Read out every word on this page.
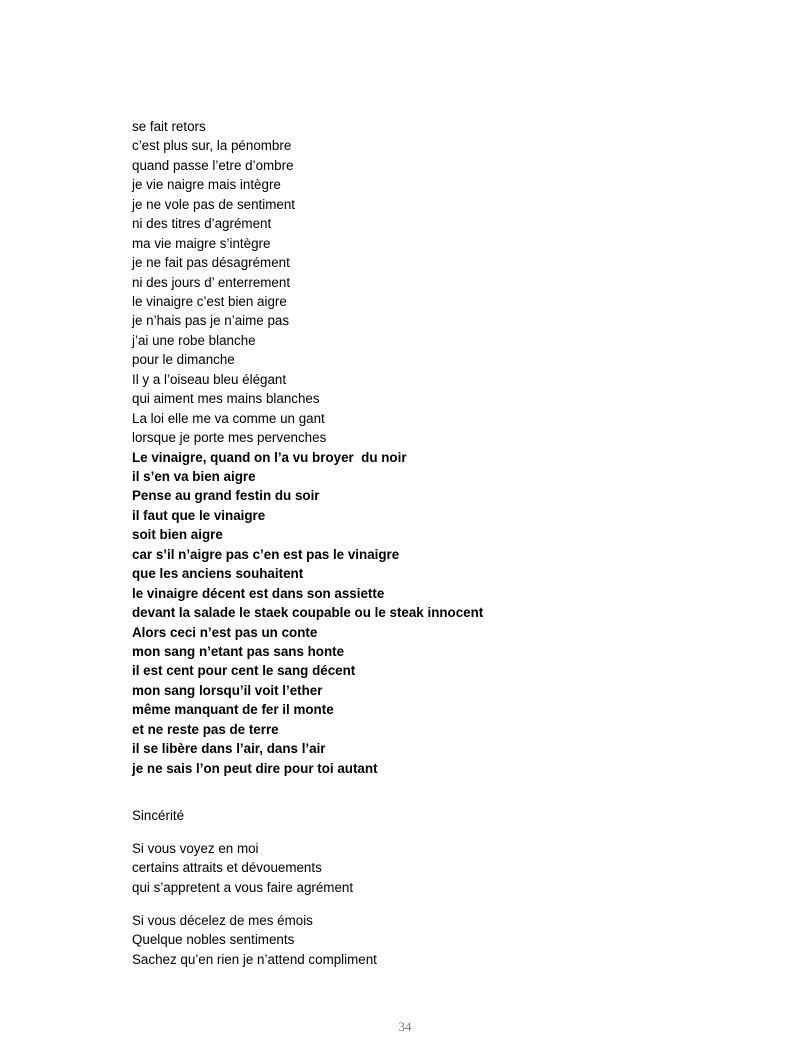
se fait retors
c’est plus sur, la pénombre
quand passe l’etre d’ombre
je vie naigre mais intègre
je ne vole pas de sentiment
ni des titres d’agrément
ma vie maigre s’intègre
je ne fait pas désagrément
ni des jours d’ enterrement
le vinaigre c’est bien aigre
je n’hais pas je n’aime pas
j’ai une robe blanche
pour le dimanche
Il y a l’oiseau bleu élégant
qui aiment mes mains blanches
La loi elle me va comme un gant
lorsque je porte mes pervenches
Le vinaigre, quand on l’a vu broyer  du noir
il s’en va bien aigre
Pense au grand festin du soir
il faut que le vinaigre
soit bien aigre
car s’il n’aigre pas c’en est pas le vinaigre
que les anciens souhaitent
le vinaigre décent est dans son assiette
devant la salade le staek coupable ou le steak innocent
Alors ceci n’est pas un conte
mon sang n’etant pas sans honte
il est cent pour cent le sang décent
mon sang lorsqu’il voit l’ether
même manquant de fer il monte
et ne reste pas de terre
il se libère dans l’air, dans l’air
je ne sais l’on peut dire pour toi autant
Sincérité
Si vous voyez en moi
certains attraits et dévouements
qui s’appretent a vous faire agrément
Si vous décelez de mes émois
Quelque nobles sentiments
Sachez qu’en rien je n’attend compliment
34
